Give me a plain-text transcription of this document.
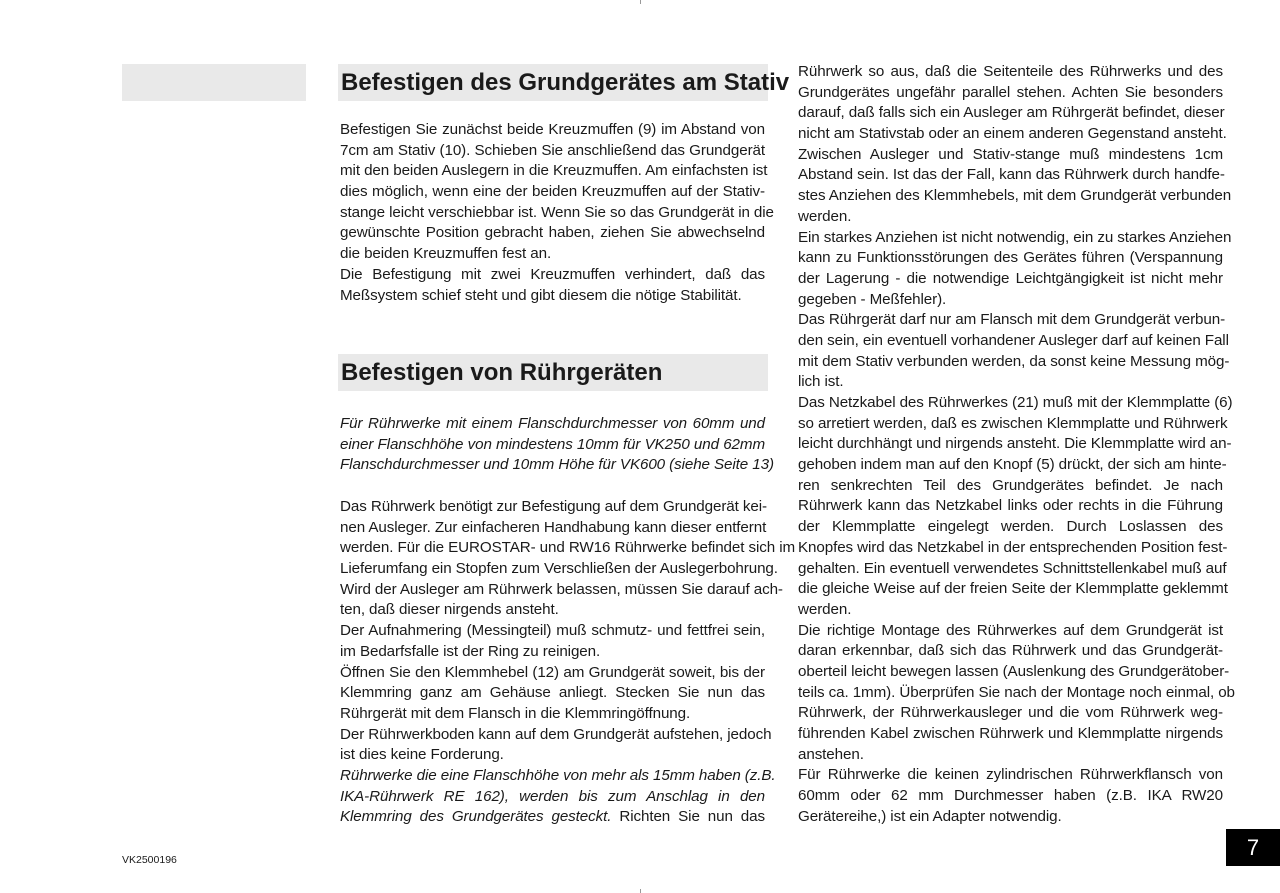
Befestigen des Grundgerätes am Stativ
Befestigen von Rührgeräten
Befestigen Sie zunächst beide Kreuzmuffen (9) im Abstand von
7cm am Stativ (10). Schieben Sie anschließend das Grundgerät
mit den beiden Auslegern in die Kreuzmuffen. Am einfachsten ist
dies möglich, wenn eine der beiden Kreuzmuffen auf der Stativ-
stange leicht verschiebbar ist. Wenn Sie so das Grundgerät in die
gewünschte Position gebracht haben, ziehen Sie abwechselnd
die beiden Kreuzmuffen fest an.
Die Befestigung mit zwei Kreuzmuffen verhindert, daß das
Meßsystem schief steht und gibt diesem die nötige Stabilität.
Für Rührwerke mit einem Flanschdurchmesser von 60mm und
einer Flanschhöhe von mindestens 10mm für VK250 und 62mm
Flanschdurchmesser und 10mm Höhe für VK600 (siehe Seite 13)
Das Rührwerk benötigt zur Befestigung auf dem Grundgerät kei-
nen Ausleger. Zur einfacheren Handhabung kann dieser entfernt
werden. Für die EUROSTAR- und RW16 Rührwerke befindet sich im
Lieferumfang ein Stopfen zum Verschließen der Auslegerbohrung.
Wird der Ausleger am Rührwerk belassen, müssen Sie darauf ach-
ten, daß dieser nirgends ansteht.
Der Aufnahmering (Messingteil) muß schmutz- und fettfrei sein,
im Bedarfsfalle ist der Ring zu reinigen.
Öffnen Sie den Klemmhebel (12) am Grundgerät soweit, bis der
Klemmring ganz am Gehäuse anliegt. Stecken Sie nun das
Rührgerät mit dem Flansch in die Klemmringöffnung.
Der Rührwerkboden kann auf dem Grundgerät aufstehen, jedoch
ist dies keine Forderung.
Rührwerke die eine Flanschhöhe von mehr als 15mm haben (z.B.
IKA-Rührwerk RE 162), werden bis zum Anschlag in den
Klemmring des Grundgerätes gesteckt. Richten Sie nun das
Rührwerk so aus, daß die Seitenteile des Rührwerks und des
Grundgerätes ungefähr parallel stehen. Achten Sie besonders
darauf, daß falls sich ein Ausleger am Rührgerät befindet, dieser
nicht am Stativstab oder an einem anderen Gegenstand ansteht.
Zwischen Ausleger und Stativ-stange muß mindestens 1cm
Abstand sein. Ist das der Fall, kann das Rührwerk durch handfe-
stes Anziehen des Klemmhebels, mit dem Grundgerät verbunden
werden.
Ein starkes Anziehen ist nicht notwendig, ein zu starkes Anziehen
kann zu Funktionsstörungen des Gerätes führen (Verspannung
der Lagerung - die notwendige Leichtgängigkeit ist nicht mehr
gegeben - Meßfehler).
Das Rührgerät darf nur am Flansch mit dem Grundgerät verbun-
den sein, ein eventuell vorhandener Ausleger darf auf keinen Fall
mit dem Stativ verbunden werden, da sonst keine Messung mög-
lich ist.
Das Netzkabel des Rührwerkes (21) muß mit der Klemmplatte (6)
so arretiert werden, daß es zwischen Klemmplatte und Rührwerk
leicht durchhängt und nirgends ansteht. Die Klemmplatte wird an-
gehoben indem man auf den Knopf (5) drückt, der sich am hinte-
ren senkrechten Teil des Grundgerätes befindet. Je nach
Rührwerk kann das Netzkabel links oder rechts in die Führung
der Klemmplatte eingelegt werden. Durch Loslassen des
Knopfes wird das Netzkabel in der entsprechenden Position fest-
gehalten. Ein eventuell verwendetes Schnittstellenkabel muß auf
die gleiche Weise auf der freien Seite der Klemmplatte geklemmt
werden.
Die richtige Montage des Rührwerkes auf dem Grundgerät ist
daran erkennbar, daß sich das Rührwerk und das Grundgerät-
oberteil leicht bewegen lassen (Auslenkung des Grundgerätober-
teils ca. 1mm). Überprüfen Sie nach der Montage noch einmal, ob
Rührwerk, der Rührwerkausleger und die vom Rührwerk weg-
führenden Kabel zwischen Rührwerk und Klemmplatte nirgends
anstehen.
Für Rührwerke die keinen zylindrischen Rührwerkflansch von
60mm oder 62 mm Durchmesser haben (z.B. IKA RW20
Gerätereihe,) ist ein Adapter notwendig.
VK2500196	7
